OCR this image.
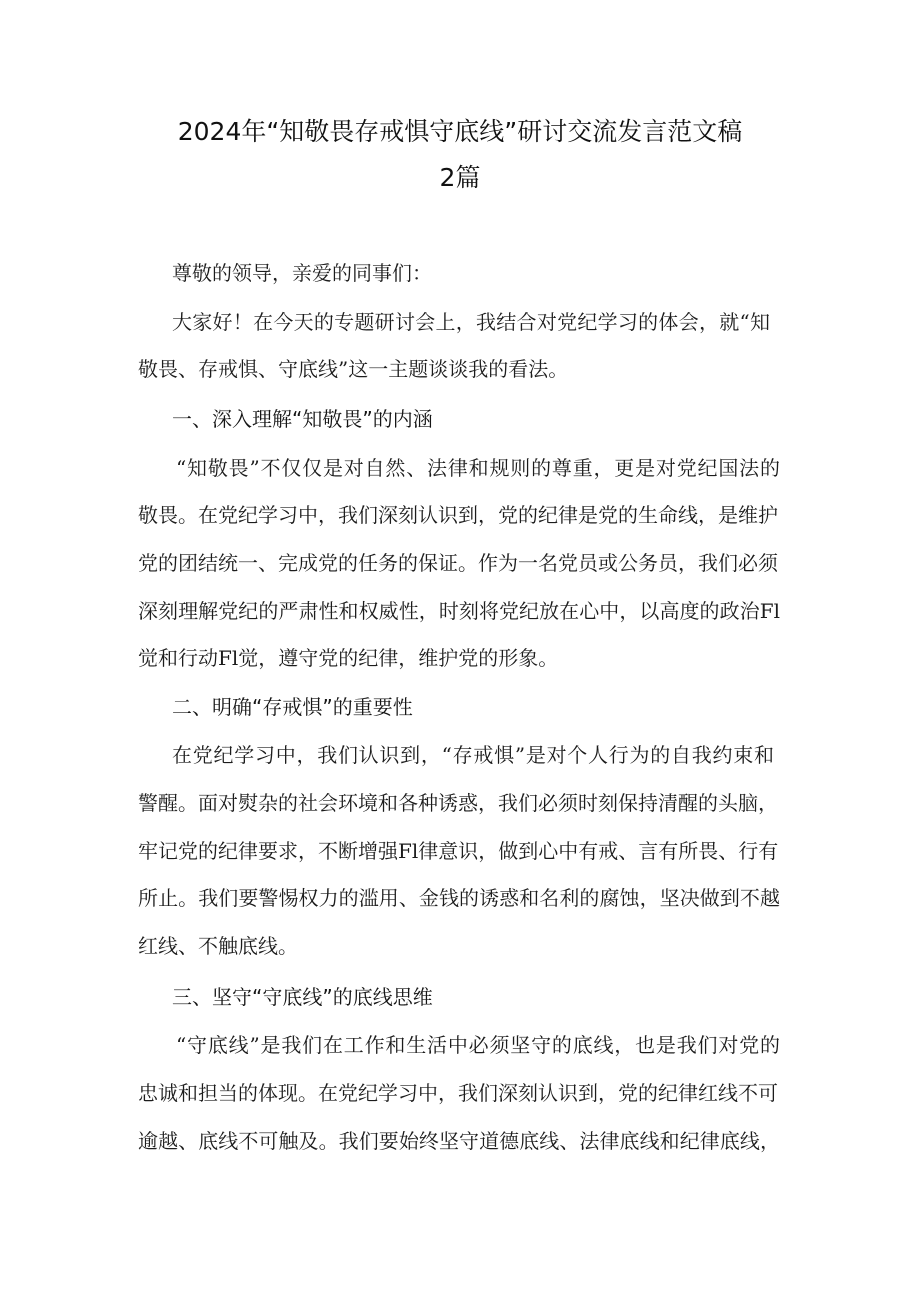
2024年“知敬畏存戒惧守底线”研讨交流发言范文稿
2篇
尊敬的领导，亲爱的同事们：
大家好！在今天的专题研讨会上，我结合对党纪学习的体会，就“知
敬畏、存戒惧、守底线”这一主题谈谈我的看法。
一、深入理解“知敬畏”的内涵
“知敬畏”不仅仅是对自然、法律和规则的尊重，更是对党纪国法的
敬畏。在党纪学习中，我们深刻认识到，党的纪律是党的生命线，是维护
党的团结统一、完成党的任务的保证。作为一名党员或公务员，我们必须
深刻理解党纪的严肃性和权威性，时刻将党纪放在心中，以高度的政治Fl
觉和行动Fl觉，遵守党的纪律，维护党的形象。
二、明确“存戒惧”的重要性
在党纪学习中，我们认识到，“存戒惧”是对个人行为的自我约束和
警醒。面对熨杂的社会环境和各种诱惑，我们必须时刻保持清醒的头脑，
牢记党的纪律要求，不断增强Fl律意识，做到心中有戒、言有所畏、行有
所止。我们要警惕权力的滥用、金钱的诱惑和名利的腐蚀，坚决做到不越
红线、不触底线。
三、坚守“守底线”的底线思维
“守底线”是我们在工作和生活中必须坚守的底线，也是我们对党的
忠诚和担当的体现。在党纪学习中，我们深刻认识到，党的纪律红线不可
逾越、底线不可触及。我们要始终坚守道德底线、法律底线和纪律底线，
